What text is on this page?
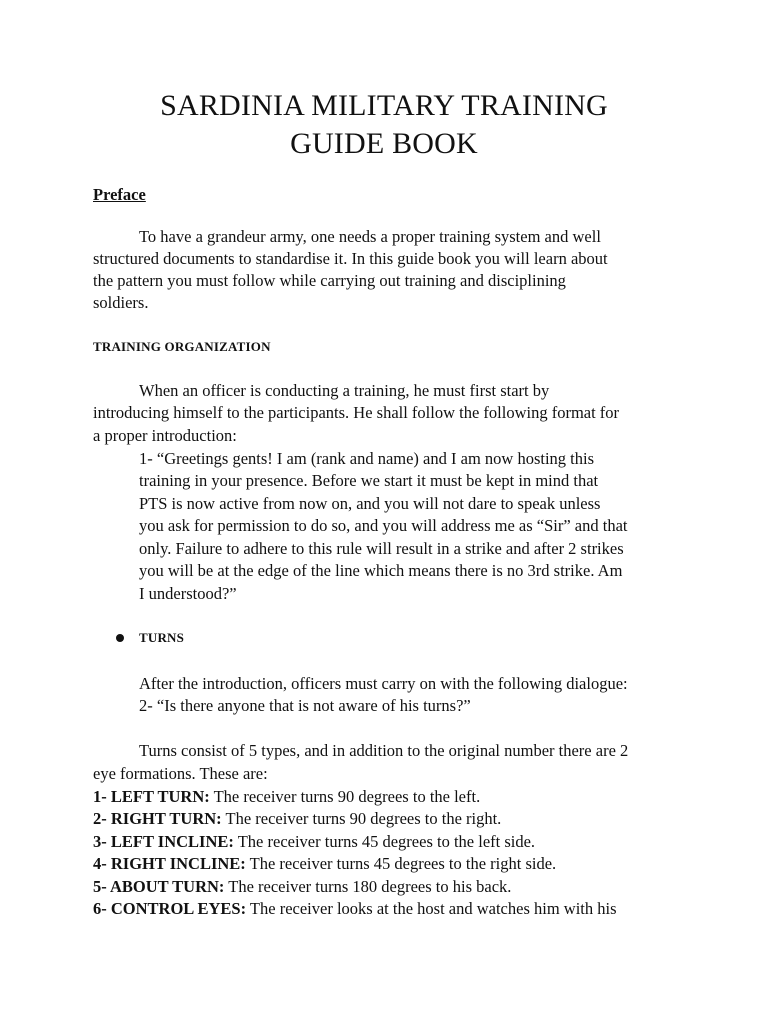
SARDINIA MILITARY TRAINING
GUIDE BOOK
Preface
To have a grandeur army, one needs a proper training system and well
structured documents to standardise it. In this guide book you will learn about
the pattern you must follow while carrying out training and disciplining
soldiers.
TRAINING ORGANIZATION
When an officer is conducting a training, he must first start by
introducing himself to the participants. He shall follow the following format for
a proper introduction:
1- “Greetings gents! I am (rank and name) and I am now hosting this
training in your presence. Before we start it must be kept in mind that
PTS is now active from now on, and you will not dare to speak unless
you ask for permission to do so, and you will address me as “Sir” and that
only. Failure to adhere to this rule will result in a strike and after 2 strikes
you will be at the edge of the line which means there is no 3rd strike. Am
I understood?”
TURNS
After the introduction, officers must carry on with the following dialogue:
2- “Is there anyone that is not aware of his turns?”
Turns consist of 5 types, and in addition to the original number there are 2
eye formations. These are:
1- LEFT TURN: The receiver turns 90 degrees to the left.
2- RIGHT TURN: The receiver turns 90 degrees to the right.
3- LEFT INCLINE: The receiver turns 45 degrees to the left side.
4- RIGHT INCLINE: The receiver turns 45 degrees to the right side.
5- ABOUT TURN: The receiver turns 180 degrees to his back.
6- CONTROL EYES: The receiver looks at the host and watches him with his
